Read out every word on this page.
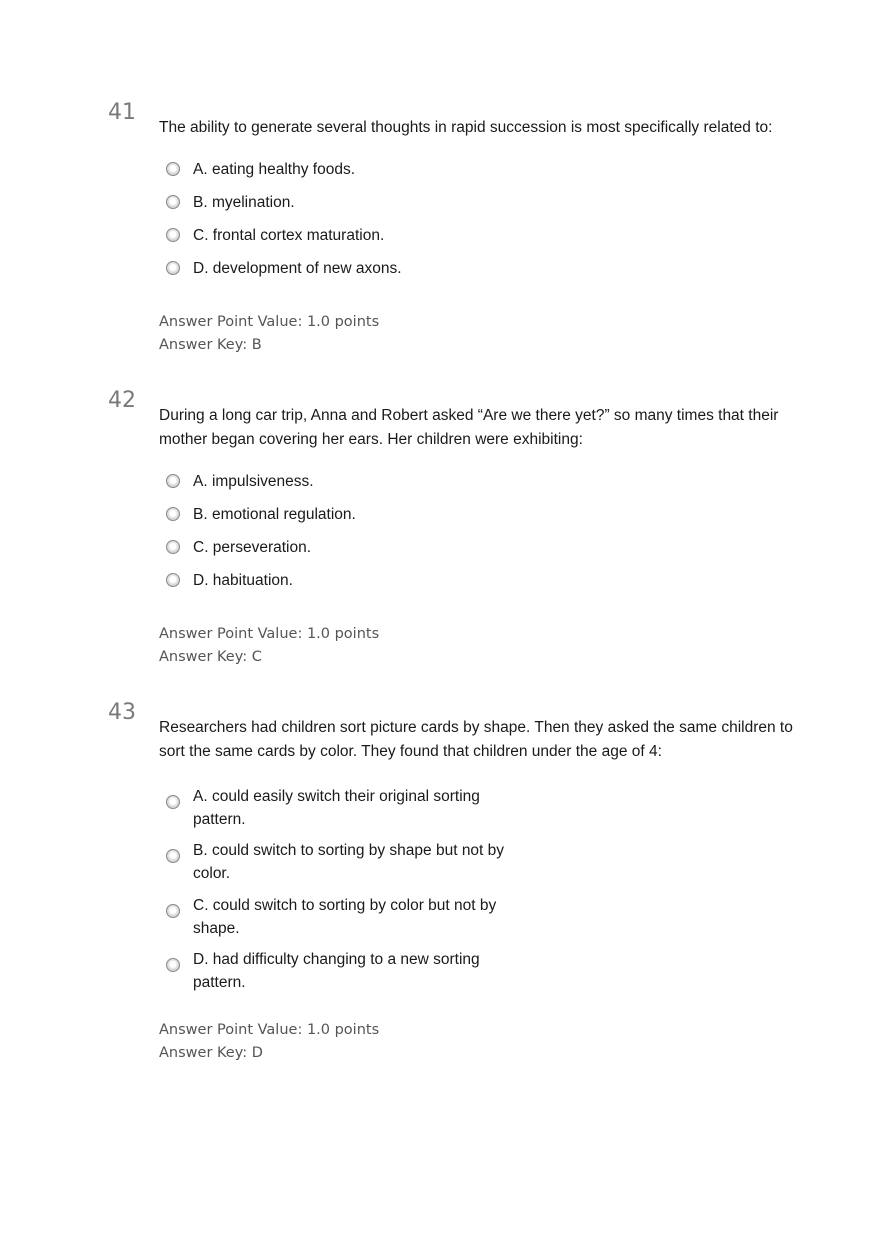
41
The ability to generate several thoughts in rapid succession is most specifically related to:
A. eating healthy foods.
B. myelination.
C. frontal cortex maturation.
D. development of new axons.
Answer Point Value: 1.0 points
Answer Key: B
42
During a long car trip, Anna and Robert asked “Are we there yet?” so many times that their mother began covering her ears. Her children were exhibiting:
A. impulsiveness.
B. emotional regulation.
C. perseveration.
D. habituation.
Answer Point Value: 1.0 points
Answer Key: C
43
Researchers had children sort picture cards by shape. Then they asked the same children to sort the same cards by color. They found that children under the age of 4:
A. could easily switch their original sorting pattern.
B. could switch to sorting by shape but not by color.
C. could switch to sorting by color but not by shape.
D. had difficulty changing to a new sorting pattern.
Answer Point Value: 1.0 points
Answer Key: D
